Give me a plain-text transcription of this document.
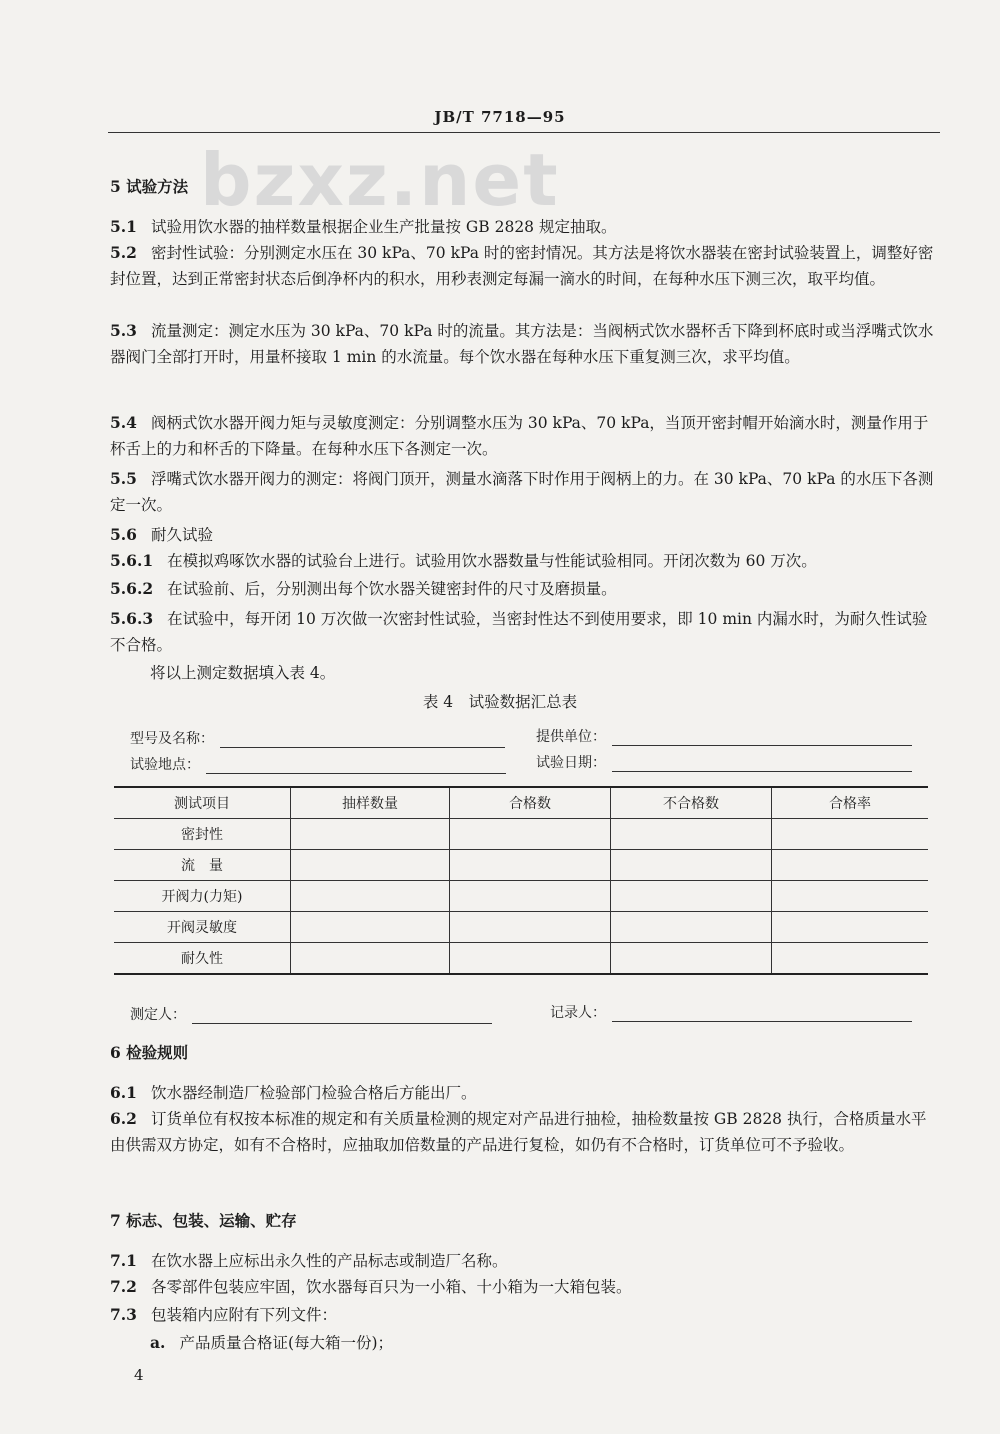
JB/T 7718—95
bzxz.net

5 试验方法

5.1 试验用饮水器的抽样数量根据企业生产批量按 GB 2828 规定抽取。

5.2 密封性试验：分别测定水压在 30 kPa、70 kPa 时的密封情况。其方法是将饮水器装在密封试验装置上，调整好密封位置，达到正常密封状态后倒净杯内的积水，用秒表测定每漏一滴水的时间，在每种水压下测三次，取平均值。

5.3 流量测定：测定水压为 30 kPa、70 kPa 时的流量。其方法是：当阀柄式饮水器杯舌下降到杯底时或当浮嘴式饮水器阀门全部打开时，用量杯接取 1 min 的水流量。每个饮水器在每种水压下重复测三次，求平均值。

5.4 阀柄式饮水器开阀力矩与灵敏度测定：分别调整水压为 30 kPa、70 kPa，当顶开密封帽开始滴水时，测量作用于杯舌上的力和杯舌的下降量。在每种水压下各测定一次。

5.5 浮嘴式饮水器开阀力的测定：将阀门顶开，测量水滴落下时作用于阀柄上的力。在 30 kPa、70 kPa 的水压下各测定一次。

5.6 耐久试验

5.6.1 在模拟鸡啄饮水器的试验台上进行。试验用饮水器数量与性能试验相同。开闭次数为 60 万次。

5.6.2 在试验前、后，分别测出每个饮水器关键密封件的尺寸及磨损量。

5.6.3 在试验中，每开闭 10 万次做一次密封性试验，当密封性达不到使用要求，即 10 min 内漏水时，为耐久性试验不合格。

将以上测定数据填入表 4。

表 4　试验数据汇总表
型号及名称：	提供单位：
试验地点：	试验日期：
测试项目	抽样数量	合格数	不合格数	合格率
密封性				
流　量				
开阀力(力矩)				
开阀灵敏度				
耐久性				
测定人：	记录人：

6 检验规则

6.1 饮水器经制造厂检验部门检验合格后方能出厂。

6.2 订货单位有权按本标准的规定和有关质量检测的规定对产品进行抽检，抽检数量按 GB 2828 执行，合格质量水平由供需双方协定，如有不合格时，应抽取加倍数量的产品进行复检，如仍有不合格时，订货单位可不予验收。

7 标志、包装、运输、贮存

7.1 在饮水器上应标出永久性的产品标志或制造厂名称。

7.2 各零部件包装应牢固，饮水器每百只为一小箱、十小箱为一大箱包装。

7.3 包装箱内应附有下列文件：

a. 产品质量合格证(每大箱一份)；

4
